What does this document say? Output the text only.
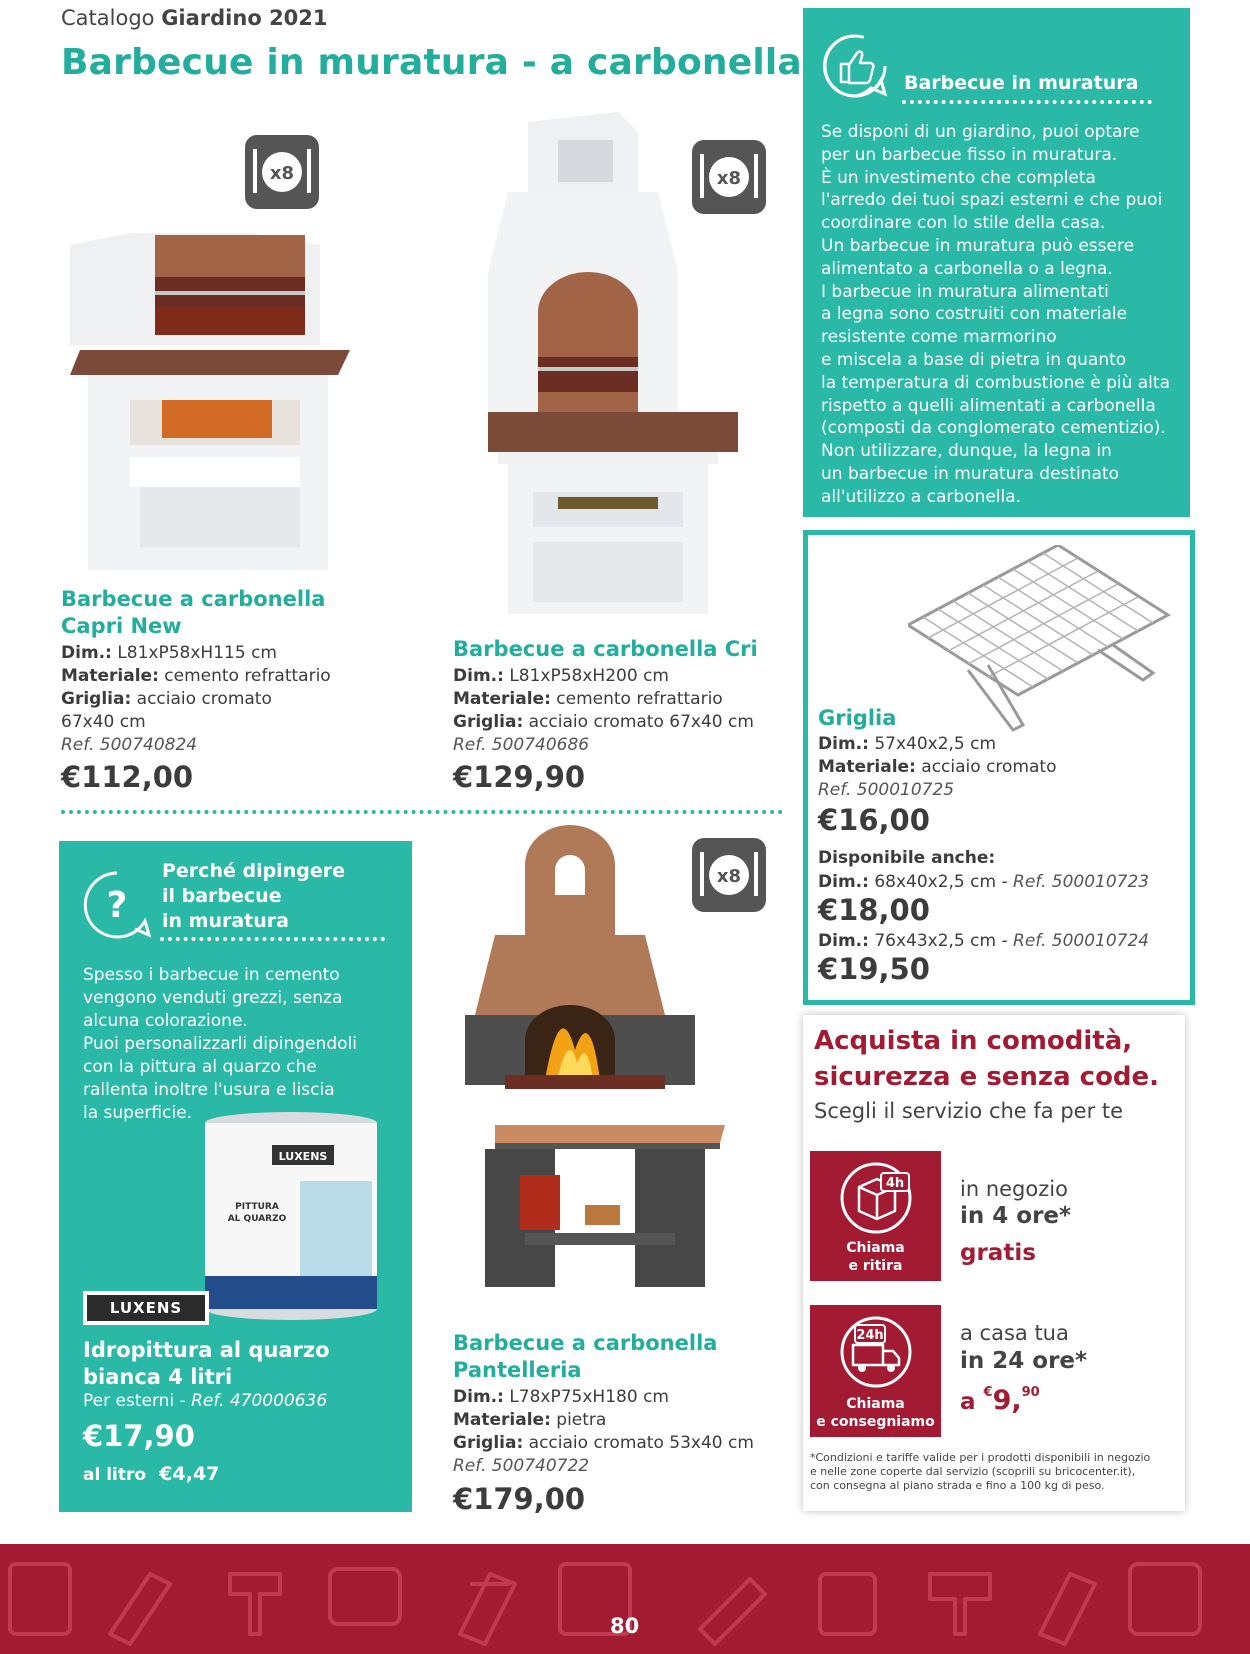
Catalogo Giardino 2021
Barbecue in muratura - a carbonella	Barbecue in muratura
Se disponi di un giardino, puoi optare
per un barbecue fisso in muratura.
È un investimento che completa
l'arredo dei tuoi spazi esterni e che puoi
coordinare con lo stile della casa.
Un barbecue in muratura può essere
alimentato a carbonella o a legna.
I barbecue in muratura alimentati
a legna sono costruiti con materiale
resistente come marmorino
e miscela a base di pietra in quanto
la temperatura di combustione è più alta
rispetto a quelli alimentati a carbonella
(composti da conglomerato cementizio).
Non utilizzare, dunque, la legna in
un barbecue in muratura destinato
all'utilizzo a carbonella.
x8
Barbecue a carbonella
Capri New
Dim.: L81xP58xH115 cm
Materiale: cemento refrattario
Griglia: acciaio cromato
67x40 cm
Ref. 500740824
€112,00
x8
Barbecue a carbonella Cri
Dim.: L81xP58xH200 cm
Materiale: cemento refrattario
Griglia: acciaio cromato 67x40 cm
Ref. 500740686
€129,90
Griglia
Dim.: 57x40x2,5 cm
Materiale: acciaio cromato
Ref. 500010725
€16,00
Disponibile anche:
Dim.: 68x40x2,5 cm - Ref. 500010723
€18,00
Dim.: 76x43x2,5 cm - Ref. 500010724
€19,50
?
Perché dipingere
il barbecue
in muratura
Spesso i barbecue in cemento
vengono venduti grezzi, senza
alcuna colorazione.
Puoi personalizzarli dipingendoli
con la pittura al quarzo che
rallenta inoltre l'usura e liscia
la superficie.
LUXENS
PITTURA
AL QUARZO
LUXENS
Idropittura al quarzo
bianca 4 litri
Per esterni - Ref. 470000636
€17,90
al litro €4,47
x8
Barbecue a carbonella
Pantelleria
Dim.: L78xP75xH180 cm
Materiale: pietra
Griglia: acciaio cromato 53x40 cm
Ref. 500740722
€179,00
Acquista in comodità,
sicurezza e senza code.
Scegli il servizio che fa per te
4h
Chiama
e ritira
in negozio
in 4 ore*
gratis
24h
Chiama
e consegniamo
a casa tua
in 24 ore*
a €9,90
*Condizioni e tariffe valide per i prodotti disponibili in negozio
e nelle zone coperte dal servizio (scoprili su bricocenter.it),
con consegna al piano strada e fino a 100 kg di peso.
80
